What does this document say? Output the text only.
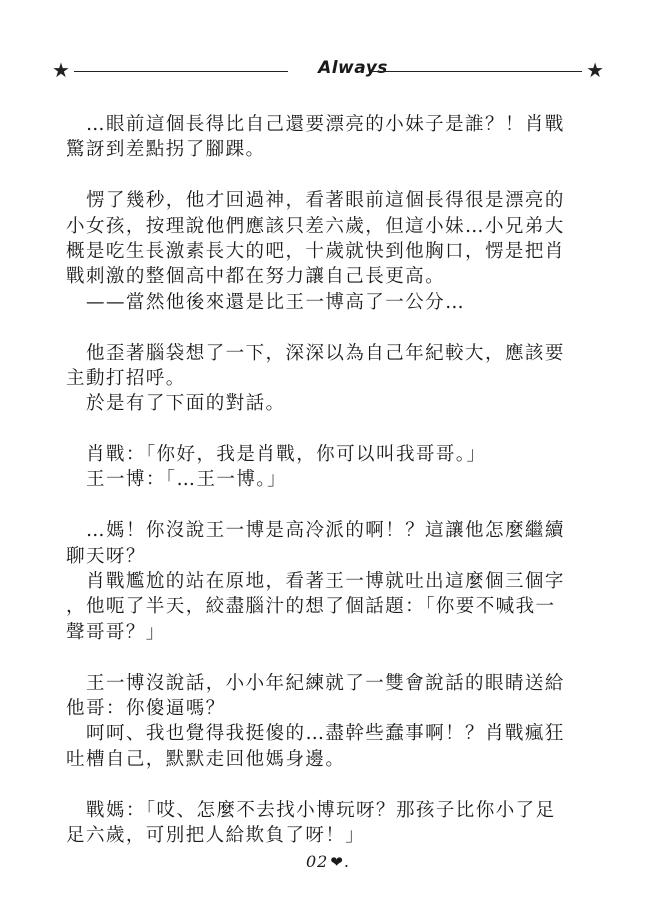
★	Always	★
…眼前這個長得比自己還要漂亮的小妹子是誰？！肖戰
驚訝到差點拐了腳踝。
愣了幾秒，他才回過神，看著眼前這個長得很是漂亮的
小女孩，按理說他們應該只差六歲，但這小妹…小兄弟大
概是吃生長激素長大的吧，十歲就快到他胸口，愣是把肖
戰刺激的整個高中都在努力讓自己長更高。
——當然他後來還是比王一博高了一公分…
他歪著腦袋想了一下，深深以為自己年紀較大，應該要
主動打招呼。
於是有了下面的對話。
肖戰：「你好，我是肖戰，你可以叫我哥哥。」
王一博：「…王一博。」
…媽！你沒說王一博是高冷派的啊！？這讓他怎麼繼續
聊天呀？
肖戰尷尬的站在原地，看著王一博就吐出這麼個三個字
，他呃了半天，絞盡腦汁的想了個話題：「你要不喊我一
聲哥哥？」
王一博沒說話，小小年紀練就了一雙會說話的眼睛送給
他哥：你傻逼嗎？
呵呵、我也覺得我挺傻的…盡幹些蠢事啊！？肖戰瘋狂
吐槽自己，默默走回他媽身邊。
戰媽：「哎、怎麼不去找小博玩呀？那孩子比你小了足
足六歲，可別把人給欺負了呀！」
02 ❤.
